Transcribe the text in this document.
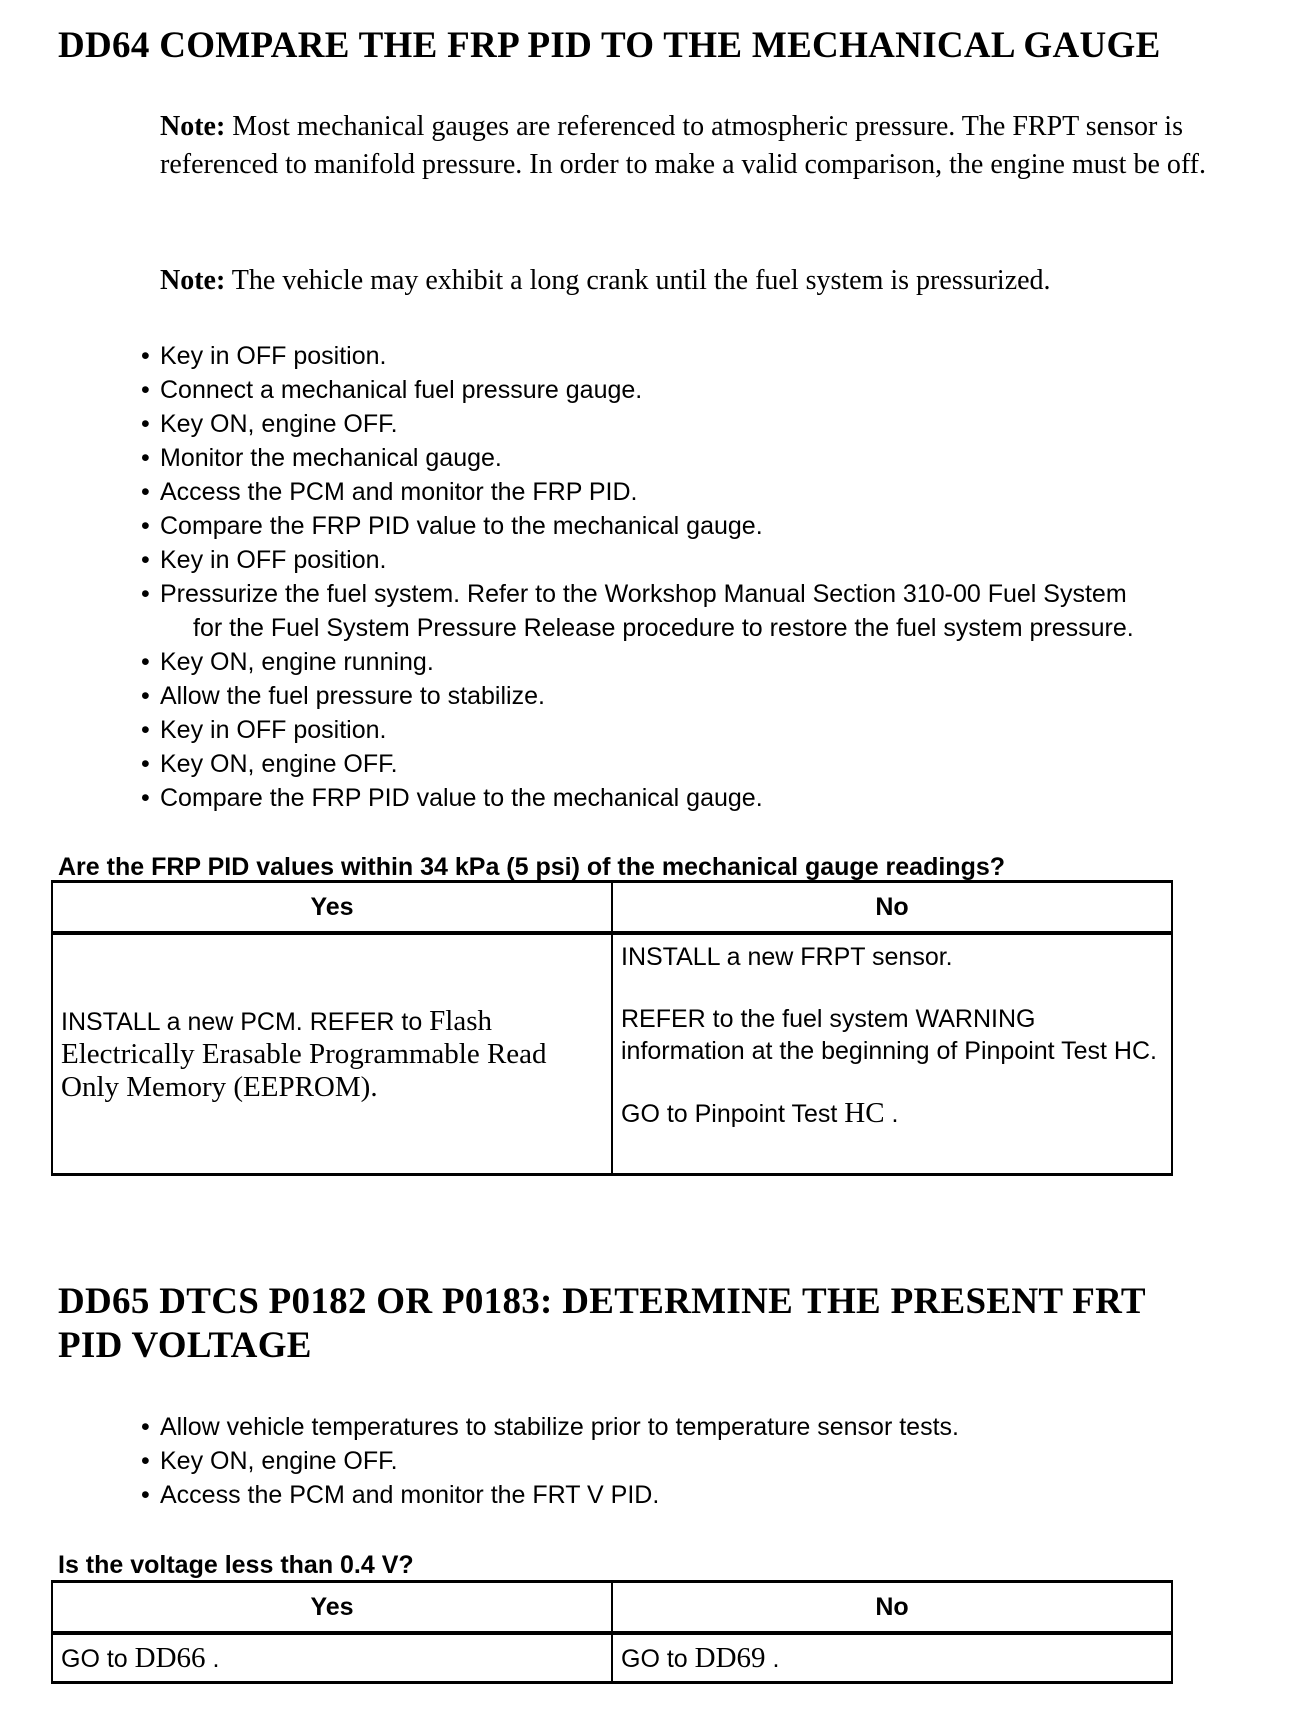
DD64 COMPARE THE FRP PID TO THE MECHANICAL GAUGE
Note: Most mechanical gauges are referenced to atmospheric pressure. The FRPT sensor is referenced to manifold pressure. In order to make a valid comparison, the engine must be off.
Note: The vehicle may exhibit a long crank until the fuel system is pressurized.
• Key in OFF position.
• Connect a mechanical fuel pressure gauge.
• Key ON, engine OFF.
• Monitor the mechanical gauge.
• Access the PCM and monitor the FRP PID.
• Compare the FRP PID value to the mechanical gauge.
• Key in OFF position.
• Pressurize the fuel system. Refer to the Workshop Manual Section 310-00 Fuel System
for the Fuel System Pressure Release procedure to restore the fuel system pressure.
• Key ON, engine running.
• Allow the fuel pressure to stabilize.
• Key in OFF position.
• Key ON, engine OFF.
• Compare the FRP PID value to the mechanical gauge.
Are the FRP PID values within 34 kPa (5 psi) of the mechanical gauge readings?
Yes	No

INSTALL a new PCM. REFER to Flash Electrically Erasable Programmable Read Only Memory (EEPROM).	INSTALL a new FRPT sensor.

REFER to the fuel system WARNING information at the beginning of Pinpoint Test HC.

GO to Pinpoint Test HC .

DD65 DTCS P0182 OR P0183: DETERMINE THE PRESENT FRT
PID VOLTAGE
• Allow vehicle temperatures to stabilize prior to temperature sensor tests.
• Key ON, engine OFF.
• Access the PCM and monitor the FRT V PID.
Is the voltage less than 0.4 V?
Yes	No
GO to DD66 .	GO to DD69 .
